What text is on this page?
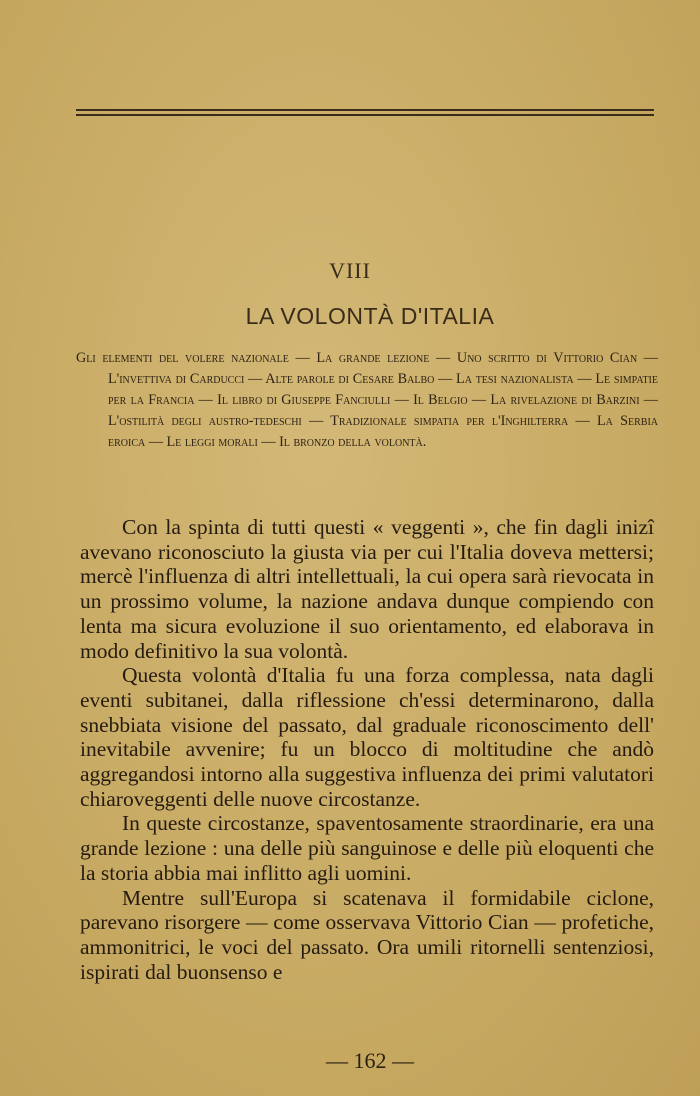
VIII
LA VOLONTÀ D'ITALIA

Gli elementi del volere nazionale — La grande lezione — Uno scritto di Vittorio Cian — L'invettiva di Carducci — Alte parole di Cesare Balbo — La tesi nazionalista — Le simpatie per la Francia — Il libro di Giuseppe Fanciulli — Il Belgio — La rivelazione di Barzini — L'ostilità degli austro-tedeschi — Tradizionale simpatia per l'Inghilterra — La Serbia eroica — Le leggi morali — Il bronzo della volontà.

Con la spinta di tutti questi « veggenti », che fin dagli inizî avevano riconosciuto la giusta via per cui l'Italia doveva mettersi; mercè l'influenza di altri intellettuali, la cui opera sarà rievocata in un prossimo volume, la nazione andava dunque compiendo con lenta ma sicura evoluzione il suo orientamento, ed elaborava in modo definitivo la sua volontà.

Questa volontà d'Italia fu una forza complessa, nata dagli eventi subitanei, dalla riflessione ch'essi determinarono, dalla snebbiata visione del passato, dal graduale riconoscimento dell' inevitabile avvenire; fu un blocco di moltitudine che andò aggregandosi intorno alla suggestiva influenza dei primi valutatori chiaroveggenti delle nuove circostanze.

In queste circostanze, spaventosamente straordinarie, era una grande lezione : una delle più sanguinose e delle più eloquenti che la storia abbia mai inflitto agli uomini.

Mentre sull'Europa si scatenava il formidabile ciclone, parevano risorgere — come osservava Vittorio Cian — profetiche, ammonitrici, le voci del passato. Ora umili ritornelli sentenziosi, ispirati dal buonsenso e

— 162 —
